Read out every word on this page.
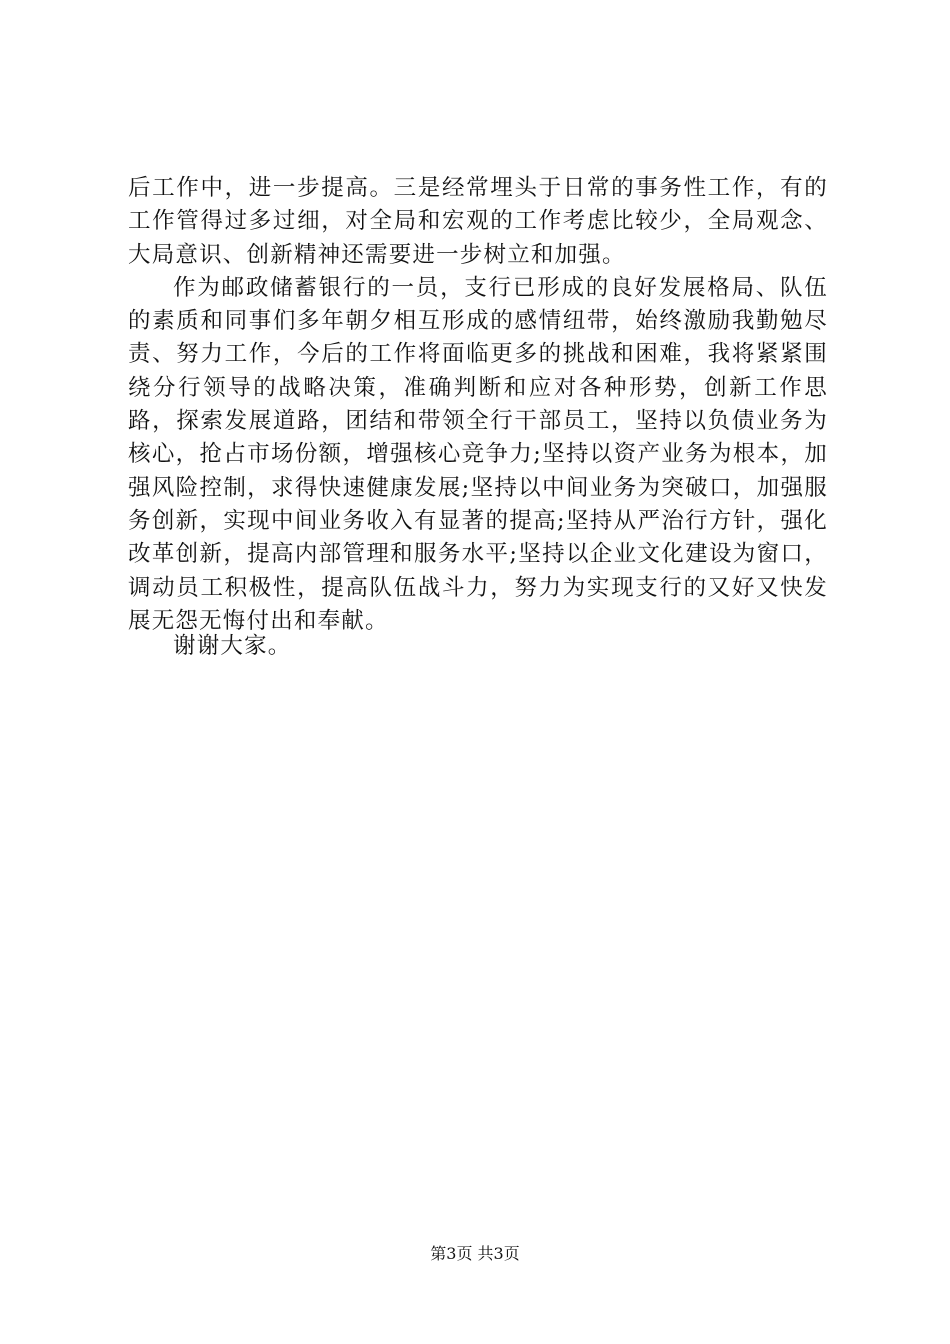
后工作中，进一步提高。三是经常埋头于日常的事务性工作，有的工作管得过多过细，对全局和宏观的工作考虑比较少，全局观念、大局意识、创新精神还需要进一步树立和加强。

作为邮政储蓄银行的一员，支行已形成的良好发展格局、队伍的素质和同事们多年朝夕相互形成的感情纽带，始终激励我勤勉尽责、努力工作，今后的工作将面临更多的挑战和困难，我将紧紧围绕分行领导的战略决策，准确判断和应对各种形势，创新工作思路，探索发展道路，团结和带领全行干部员工，坚持以负债业务为核心，抢占市场份额，增强核心竞争力;坚持以资产业务为根本，加强风险控制，求得快速健康发展;坚持以中间业务为突破口，加强服务创新，实现中间业务收入有显著的提高;坚持从严治行方针，强化改革创新，提高内部管理和服务水平;坚持以企业文化建设为窗口，调动员工积极性，提高队伍战斗力，努力为实现支行的又好又快发展无怨无悔付出和奉献。

谢谢大家。

第3页 共3页
